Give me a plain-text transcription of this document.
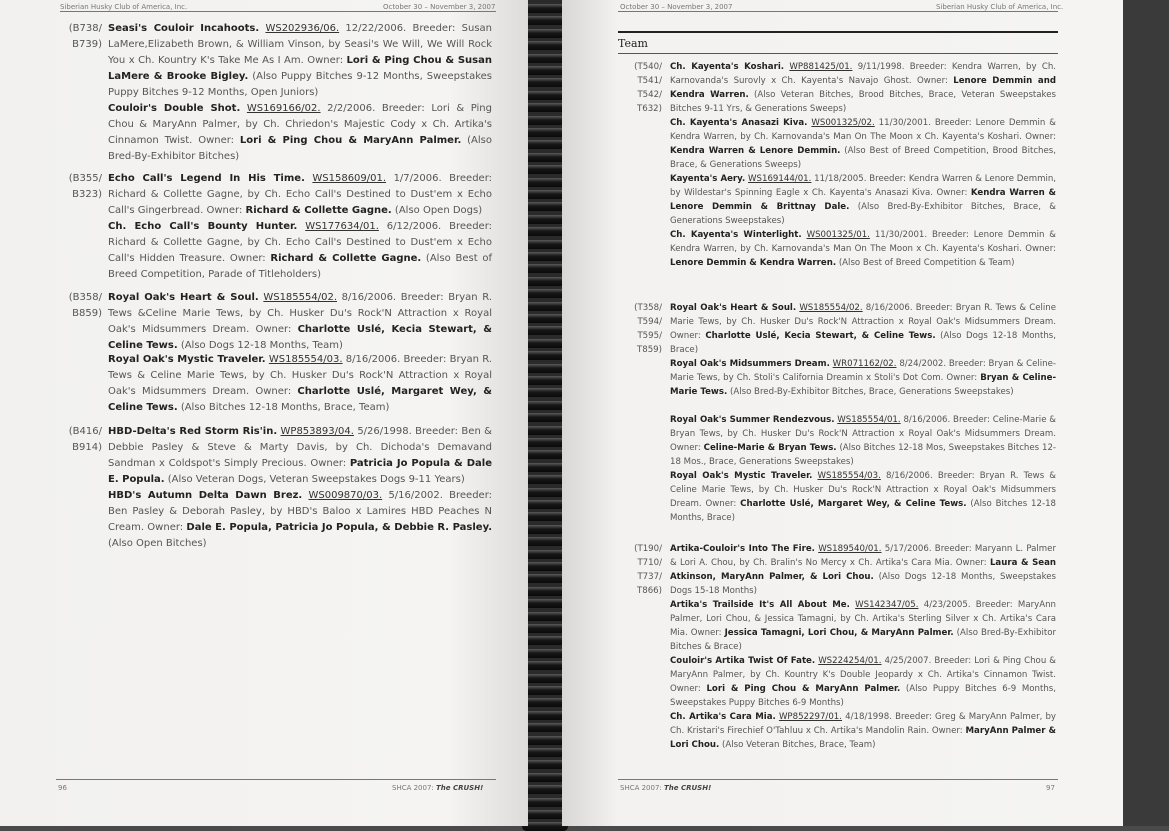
Siberian Husky Club of America, Inc.	October 30 – November 3, 2007
(B738/
B739)
Seasi's Couloir Incahoots. WS202936/06. 12/22/2006. Breeder: Susan LaMere,Elizabeth Brown, & William Vinson, by Seasi's We Will, We Will Rock You x Ch. Kountry K's Take Me As I Am. Owner: Lori & Ping Chou & Susan LaMere & Brooke Bigley. (Also Puppy Bitches 9-12 Months, Sweepstakes Puppy Bitches 9-12 Months, Open Juniors)
Couloir's Double Shot. WS169166/02. 2/2/2006. Breeder: Lori & Ping Chou & MaryAnn Palmer, by Ch. Chriedon's Majestic Cody x Ch. Artika's Cinnamon Twist. Owner: Lori & Ping Chou & MaryAnn Palmer. (Also Bred-By-Exhibitor Bitches)
(B355/
B323)
Echo Call's Legend In His Time. WS158609/01. 1/7/2006. Breeder: Richard & Collette Gagne, by Ch. Echo Call's Destined to Dust'em x Echo Call's Gingerbread. Owner: Richard & Collette Gagne. (Also Open Dogs)
Ch. Echo Call's Bounty Hunter. WS177634/01. 6/12/2006. Breeder: Richard & Collette Gagne, by Ch. Echo Call's Destined to Dust'em x Echo Call's Hidden Treasure. Owner: Richard & Collette Gagne. (Also Best of Breed Competition, Parade of Titleholders)
(B358/
B859)
Royal Oak's Heart & Soul. WS185554/02. 8/16/2006. Breeder: Bryan R. Tews &Celine Marie Tews, by Ch. Husker Du's Rock'N Attraction x Royal Oak's Midsummers Dream. Owner: Charlotte Uslé, Kecia Stewart, & Celine Tews. (Also Dogs 12-18 Months, Team)
Royal Oak's Mystic Traveler. WS185554/03. 8/16/2006. Breeder: Bryan R. Tews & Celine Marie Tews, by Ch. Husker Du's Rock'N Attraction x Royal Oak's Midsummers Dream. Owner: Charlotte Uslé, Margaret Wey, & Celine Tews. (Also Bitches 12-18 Months, Brace, Team)
(B416/
B914)
HBD-Delta's Red Storm Ris'in. WP853893/04. 5/26/1998. Breeder: Ben & Debbie Pasley & Steve & Marty Davis, by Ch. Dichoda's Demavand Sandman x Coldspot's Simply Precious. Owner: Patricia Jo Popula & Dale E. Popula. (Also Veteran Dogs, Veteran Sweepstakes Dogs 9-11 Years)
HBD's Autumn Delta Dawn Brez. WS009870/03. 5/16/2002. Breeder: Ben Pasley & Deborah Pasley, by HBD's Baloo x Lamires HBD Peaches N Cream. Owner: Dale E. Popula, Patricia Jo Popula, & Debbie R. Pasley. (Also Open Bitches)
96	SHCA 2007: The CRUSH!
October 30 – November 3, 2007	Siberian Husky Club of America, Inc.
Team
(T540/
T541/
T542/
T632)
Ch. Kayenta's Koshari. WP881425/01. 9/11/1998. Breeder: Kendra Warren, by Ch. Karnovanda's Surovly x Ch. Kayenta's Navajo Ghost. Owner: Lenore Demmin and Kendra Warren. (Also Veteran Bitches, Brood Bitches, Brace, Veteran Sweepstakes Bitches 9-11 Yrs, & Generations Sweeps)
Ch. Kayenta's Anasazi Kiva. WS001325/02. 11/30/2001. Breeder: Lenore Demmin & Kendra Warren, by Ch. Karnovanda's Man On The Moon x Ch. Kayenta's Koshari. Owner: Kendra Warren & Lenore Demmin. (Also Best of Breed Competition, Brood Bitches, Brace, & Generations Sweeps)
Kayenta's Aery. WS169144/01. 11/18/2005. Breeder: Kendra Warren & Lenore Demmin, by Wildestar's Spinning Eagle x Ch. Kayenta's Anasazi Kiva. Owner: Kendra Warren & Lenore Demmin & Brittnay Dale. (Also Bred-By-Exhibitor Bitches, Brace, & Generations Sweepstakes)
Ch. Kayenta's Winterlight. WS001325/01. 11/30/2001. Breeder: Lenore Demmin & Kendra Warren, by Ch. Karnovanda's Man On The Moon x Ch. Kayenta's Koshari. Owner: Lenore Demmin & Kendra Warren. (Also Best of Breed Competition & Team)
(T358/
T594/
T595/
T859)
Royal Oak's Heart & Soul. WS185554/02. 8/16/2006. Breeder: Bryan R. Tews & Celine Marie Tews, by Ch. Husker Du's Rock'N Attraction x Royal Oak's Midsummers Dream. Owner: Charlotte Uslé, Kecia Stewart, & Celine Tews. (Also Dogs 12-18 Months, Brace)
Royal Oak's Midsummers Dream. WR071162/02. 8/24/2002. Breeder: Bryan & Celine-Marie Tews, by Ch. Stoli's California Dreamin x Stoli's Dot Com. Owner: Bryan & Celine-Marie Tews. (Also Bred-By-Exhibitor Bitches, Brace, Generations Sweepstakes)
Royal Oak's Summer Rendezvous. WS185554/01. 8/16/2006. Breeder: Celine-Marie & Bryan Tews, by Ch. Husker Du's Rock'N Attraction x Royal Oak's Midsummers Dream. Owner: Celine-Marie & Bryan Tews. (Also Bitches 12-18 Mos, Sweepstakes Bitches 12-18 Mos., Brace, Generations Sweepstakes)
Royal Oak's Mystic Traveler. WS185554/03. 8/16/2006. Breeder: Bryan R. Tews & Celine Marie Tews, by Ch. Husker Du's Rock'N Attraction x Royal Oak's Midsummers Dream. Owner: Charlotte Uslé, Margaret Wey, & Celine Tews. (Also Bitches 12-18 Months, Brace)
(T190/
T710/
T737/
T866)
Artika-Couloir's Into The Fire. WS189540/01. 5/17/2006. Breeder: Maryann L. Palmer & Lori A. Chou, by Ch. Bralin's No Mercy x Ch. Artika's Cara Mia. Owner: Laura & Sean Atkinson, MaryAnn Palmer, & Lori Chou. (Also Dogs 12-18 Months, Sweepstakes Dogs 15-18 Months)
Artika's Trailside It's All About Me. WS142347/05. 4/23/2005. Breeder: MaryAnn Palmer, Lori Chou, & Jessica Tamagni, by Ch. Artika's Sterling Silver x Ch. Artika's Cara Mia. Owner: Jessica Tamagni, Lori Chou, & MaryAnn Palmer. (Also Bred-By-Exhibitor Bitches & Brace)
Couloir's Artika Twist Of Fate. WS224254/01. 4/25/2007. Breeder: Lori & Ping Chou & MaryAnn Palmer, by Ch. Kountry K's Double Jeopardy x Ch. Artika's Cinnamon Twist. Owner: Lori & Ping Chou & MaryAnn Palmer. (Also Puppy Bitches 6-9 Months, Sweepstakes Puppy Bitches 6-9 Months)
Ch. Artika's Cara Mia. WP852297/01. 4/18/1998. Breeder: Greg & MaryAnn Palmer, by Ch. Kristari's Firechief O'Tahluu x Ch. Artika's Mandolin Rain. Owner: MaryAnn Palmer & Lori Chou. (Also Veteran Bitches, Brace, Team)
SHCA 2007: The CRUSH!	97
